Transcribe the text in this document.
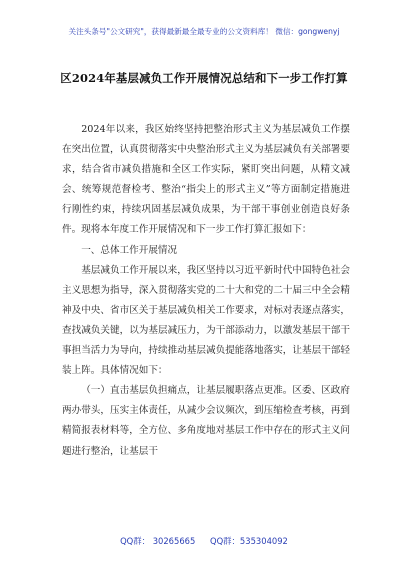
关注头条号"公文研究"，获得最新最全最专业的公文资料库！ 微信：gongwenyj
区2024年基层减负工作开展情况总结和下一步工作打算

2024年以来，我区始终坚持把整治形式主义为基层减负工作摆在突出位置，认真贯彻落实中央整治形式主义为基层减负有关部署要求，结合省市减负措施和全区工作实际，紧盯突出问题，从精文减会、统筹规范督检考、整治“指尖上的形式主义”等方面制定措施进行刚性约束，持续巩固基层减负成果，为干部干事创业创造良好条件。现将本年度工作开展情况和下一步工作打算汇报如下：

一、总体工作开展情况

基层减负工作开展以来，我区坚持以习近平新时代中国特色社会主义思想为指导，深入贯彻落实党的二十大和党的二十届三中全会精神及中央、省市区关于基层减负相关工作要求，对标对表逐点落实，查找减负关键，以为基层减压力，为干部添动力，以激发基层干部干事担当活力为导向，持续推动基层减负提能落地落实，让基层干部轻装上阵。具体情况如下：

（一）直击基层负担痛点，让基层履职落点更准。区委、区政府两办带头，压实主体责任，从减少会议频次，到压缩检查考核，再到精简报表材料等，全方位、多角度地对基层工作中存在的形式主义问题进行整治，让基层干

QQ群： 30265665 QQ群：535304092
